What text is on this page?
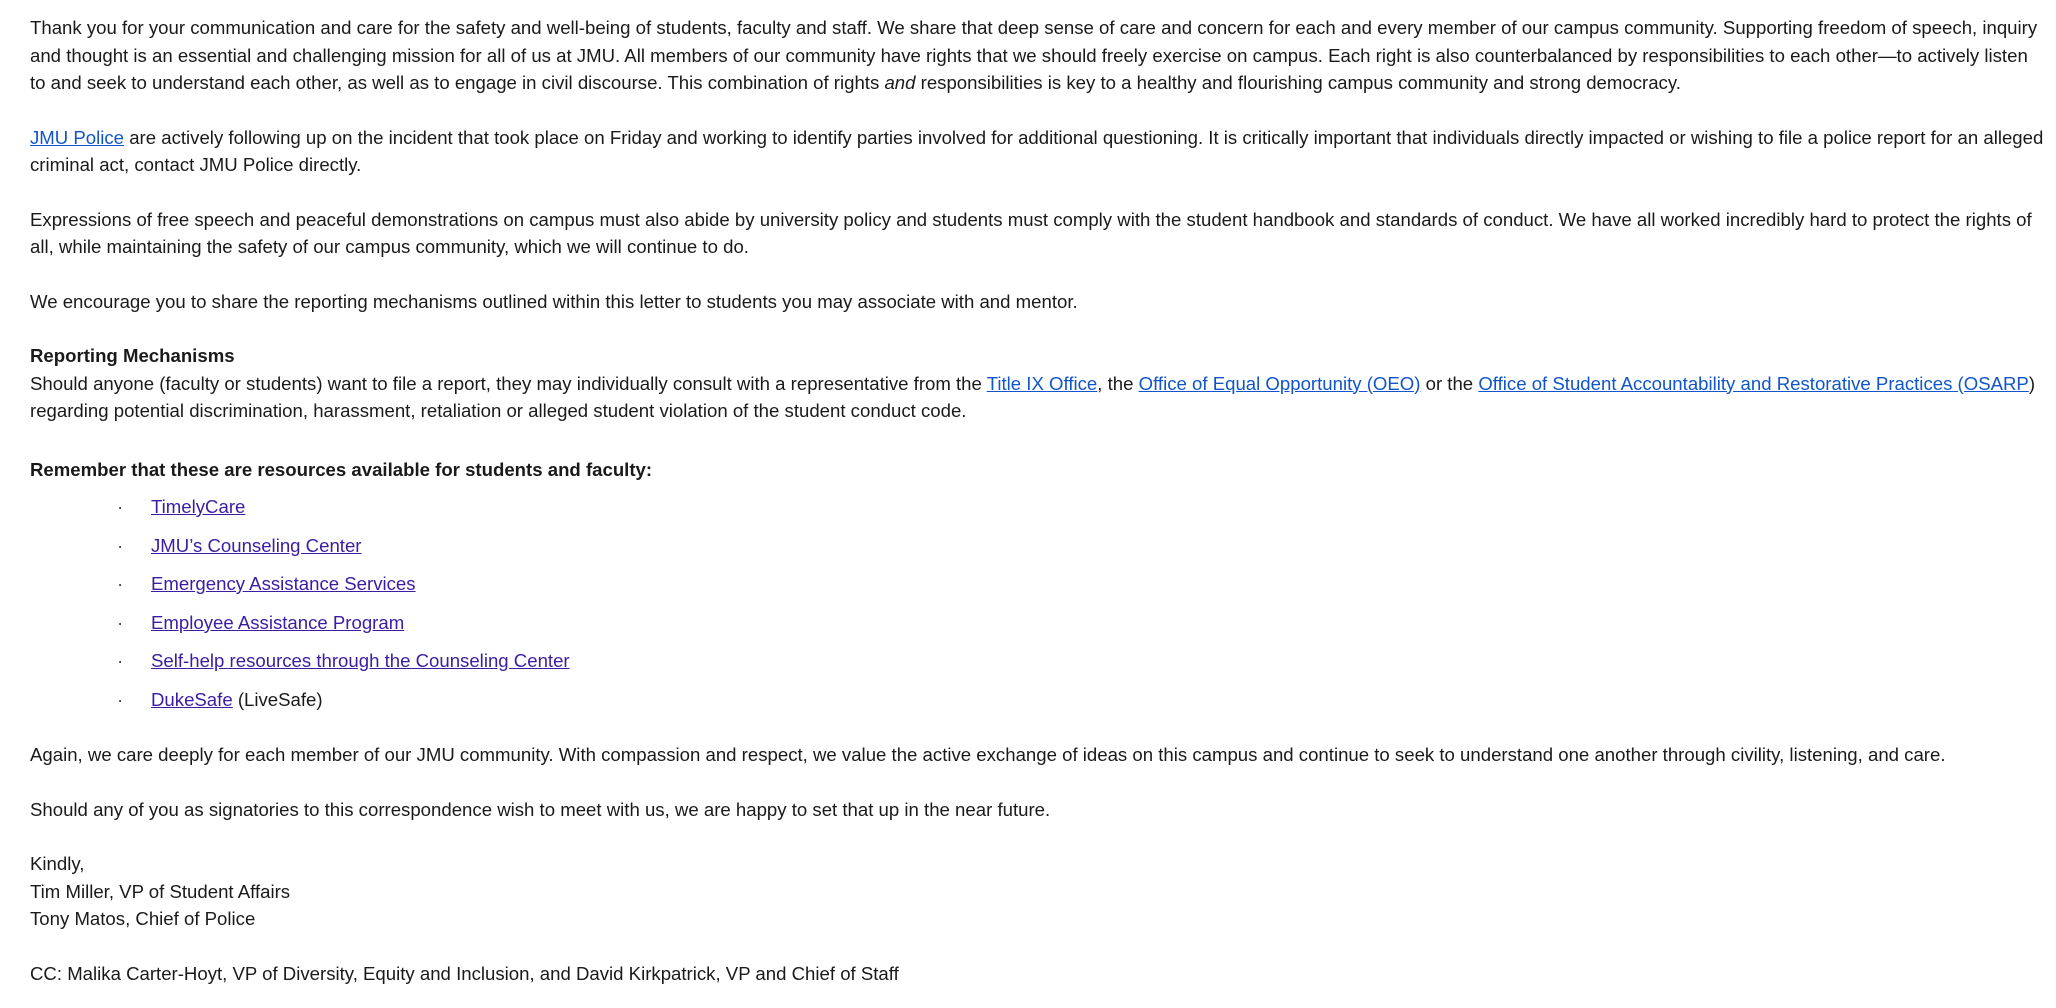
Thank you for your communication and care for the safety and well-being of students, faculty and staff. We share that deep sense of care and concern for each and every member of our campus community. Supporting freedom of speech, inquiry and thought is an essential and challenging mission for all of us at JMU. All members of our community have rights that we should freely exercise on campus. Each right is also counterbalanced by responsibilities to each other—to actively listen to and seek to understand each other, as well as to engage in civil discourse. This combination of rights and responsibilities is key to a healthy and flourishing campus community and strong democracy.

JMU Police are actively following up on the incident that took place on Friday and working to identify parties involved for additional questioning. It is critically important that individuals directly impacted or wishing to file a police report for an alleged criminal act, contact JMU Police directly.

Expressions of free speech and peaceful demonstrations on campus must also abide by university policy and students must comply with the student handbook and standards of conduct. We have all worked incredibly hard to protect the rights of all, while maintaining the safety of our campus community, which we will continue to do.

We encourage you to share the reporting mechanisms outlined within this letter to students you may associate with and mentor.

Reporting Mechanisms

Should anyone (faculty or students) want to file a report, they may individually consult with a representative from the Title IX Office, the Office of Equal Opportunity (OEO) or the Office of Student Accountability and Restorative Practices (OSARP) regarding potential discrimination, harassment, retaliation or alleged student violation of the student conduct code.

Remember that these are resources available for students and faculty:

· TimelyCare
· JMU’s Counseling Center
· Emergency Assistance Services
· Employee Assistance Program
· Self-help resources through the Counseling Center
· DukeSafe (LiveSafe)

Again, we care deeply for each member of our JMU community. With compassion and respect, we value the active exchange of ideas on this campus and continue to seek to understand one another through civility, listening, and care.

Should any of you as signatories to this correspondence wish to meet with us, we are happy to set that up in the near future.

Kindly,

Tim Miller, VP of Student Affairs

Tony Matos, Chief of Police

CC: Malika Carter-Hoyt, VP of Diversity, Equity and Inclusion, and David Kirkpatrick, VP and Chief of Staff
